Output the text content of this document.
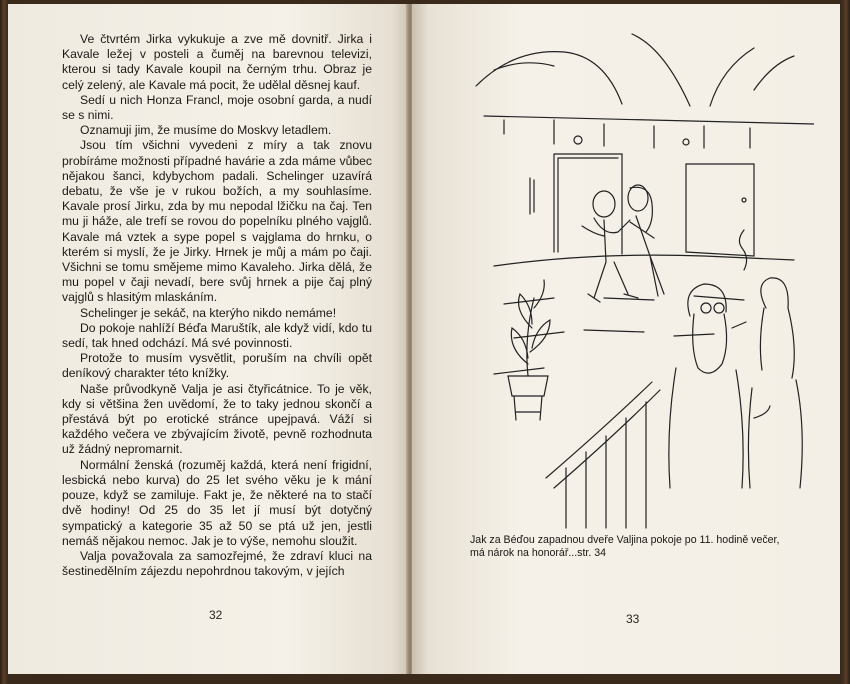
Ve čtvrtém Jirka vykukuje a zve mě dovnitř. Jirka i Kavale ležej v posteli a čuměj na barevnou televizi, kterou si tady Kavale koupil na černým trhu. Obraz je celý zelený, ale Kavale má pocit, že udělal děsnej kauf.

Sedí u nich Honza Francl, moje osobní garda, a nudí se s nimi.

Oznamuji jim, že musíme do Moskvy letadlem.

Jsou tím všichni vyvedeni z míry a tak znovu probíráme možnosti případné havárie a zda máme vůbec nějakou šanci, kdybychom padali. Schelinger uzavírá debatu, že vše je v rukou božích, a my souhlasíme. Kavale prosí Jirku, zda by mu nepodal lžičku na čaj. Ten mu ji háže, ale trefí se rovou do popelníku plného vajglů. Kavale má vztek a sype popel s vajglama do hrnku, o kterém si myslí, že je Jirky. Hrnek je můj a mám po čaji. Všichni se tomu smějeme mimo Kavaleho. Jirka dělá, že mu popel v čaji nevadí, bere svůj hrnek a pije čaj plný vajglů s hlasitým mlaskáním.

Schelinger je sekáč, na kterýho nikdo nemáme!

Do pokoje nahlíží Béďa Maruštík, ale když vidí, kdo tu sedí, tak hned odchází. Má své povinnosti.

Protože to musím vysvětlit, poruším na chvíli opět deníkový charakter této knížky.

Naše průvodkyně Valja je asi čtyřicátnice. To je věk, kdy si většina žen uvědomí, že to taky jednou skončí a přestává být po erotické stránce upejpavá. Váží si každého večera ve zbývajícím životě, pevně rozhodnuta už žádný nepromarnit.

Normální ženská (rozuměj každá, která není frigidní, lesbická nebo kurva) do 25 let svého věku je k mání pouze, když se zamiluje. Fakt je, že některé na to stačí dvě hodiny! Od 25 do 35 let jí musí být dotyčný sympatický a kategorie 35 až 50 se ptá už jen, jestli nemáš nějakou nemoc. Jak je to výše, nemohu sloužit.

Valja považovala za samozřejmé, že zdraví kluci na šestinedělním zájezdu nepohrdnou takovým, v jejích

32
Jak za Béďou zapadnou dveře Valjina pokoje po 11. hodině večer, má nárok na honorář...str. 34
33
